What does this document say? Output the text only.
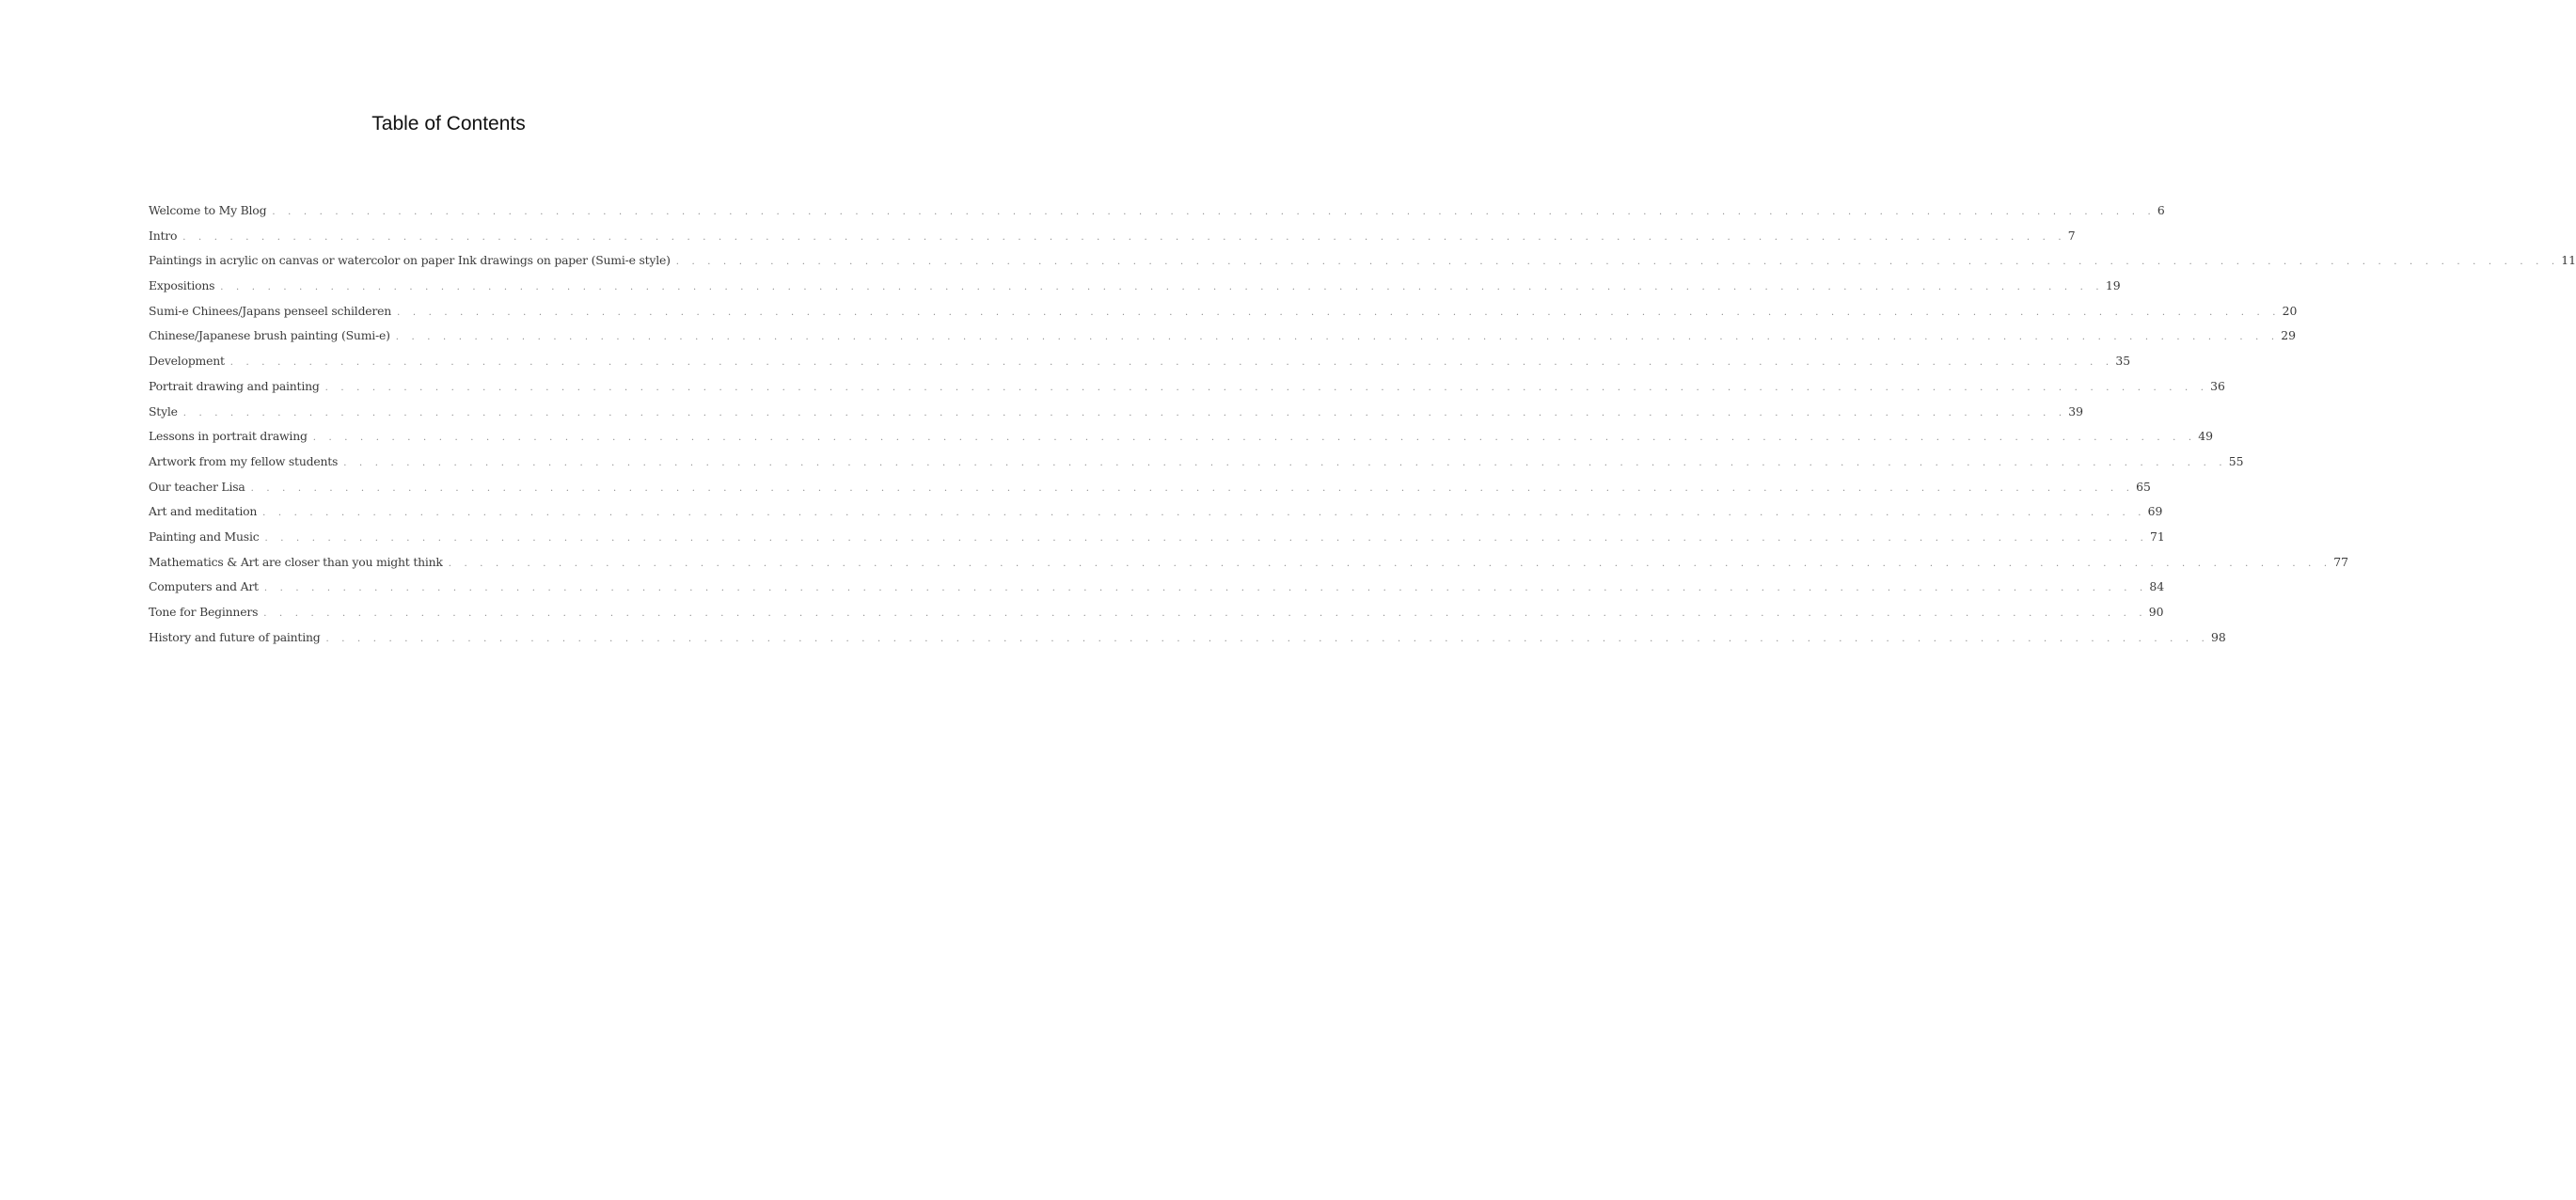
Table of Contents
Welcome to My Blog . . . . . . . . . . . . . . . . . . . . . . . . . . . . . . . . . . . . . . . . . . . . . . . . . . . . . . . . . . . . . . . . . . . . . . . . . . . . . . . . . . . . . . . . . . . . . . . . . . . . . . . . . . . . . . . . . . . . . . . . 6
Intro . . . . . . . . . . . . . . . . . . . . . . . . . . . . . . . . . . . . . . . . . . . . . . . . . . . . . . . . . . . . . . . . . . . . . . . . . . . . . . . . . . . . . . . . . . . . . . . . . . . . . . . . . . . . . . . . . . . . . . . . 7
Paintings in acrylic on canvas or watercolor on paper Ink drawings on paper (Sumi-e style) . . . . . . . . . . . . . . . . . . . . . . . . . . . . . . . . . . . . . . . . . . . . . . . . . . . . . . . . . . . . . . . . . . . . . . . . . . . . . . . . . . . . . . . . . . . . . . . . . . . . . . . . . . . . . . . . . . . . . . . . 11
Expositions . . . . . . . . . . . . . . . . . . . . . . . . . . . . . . . . . . . . . . . . . . . . . . . . . . . . . . . . . . . . . . . . . . . . . . . . . . . . . . . . . . . . . . . . . . . . . . . . . . . . . . . . . . . . . . . . . . . . . . . . 19
Sumi-e Chinees/Japans penseel schilderen . . . . . . . . . . . . . . . . . . . . . . . . . . . . . . . . . . . . . . . . . . . . . . . . . . . . . . . . . . . . . . . . . . . . . . . . . . . . . . . . . . . . . . . . . . . . . . . . . . . . . . . . . . . . . . . . . . . . . . . . 20
Chinese/Japanese brush painting (Sumi-e) . . . . . . . . . . . . . . . . . . . . . . . . . . . . . . . . . . . . . . . . . . . . . . . . . . . . . . . . . . . . . . . . . . . . . . . . . . . . . . . . . . . . . . . . . . . . . . . . . . . . . . . . . . . . . . . . . . . . . . . . 29
Development . . . . . . . . . . . . . . . . . . . . . . . . . . . . . . . . . . . . . . . . . . . . . . . . . . . . . . . . . . . . . . . . . . . . . . . . . . . . . . . . . . . . . . . . . . . . . . . . . . . . . . . . . . . . . . . . . . . . . . . . 35
Portrait drawing and painting . . . . . . . . . . . . . . . . . . . . . . . . . . . . . . . . . . . . . . . . . . . . . . . . . . . . . . . . . . . . . . . . . . . . . . . . . . . . . . . . . . . . . . . . . . . . . . . . . . . . . . . . . . . . . . . . . . . . . . . . 36
Style . . . . . . . . . . . . . . . . . . . . . . . . . . . . . . . . . . . . . . . . . . . . . . . . . . . . . . . . . . . . . . . . . . . . . . . . . . . . . . . . . . . . . . . . . . . . . . . . . . . . . . . . . . . . . . . . . . . . . . . . 39
Lessons in portrait drawing . . . . . . . . . . . . . . . . . . . . . . . . . . . . . . . . . . . . . . . . . . . . . . . . . . . . . . . . . . . . . . . . . . . . . . . . . . . . . . . . . . . . . . . . . . . . . . . . . . . . . . . . . . . . . . . . . . . . . . . . 49
Artwork from my fellow students . . . . . . . . . . . . . . . . . . . . . . . . . . . . . . . . . . . . . . . . . . . . . . . . . . . . . . . . . . . . . . . . . . . . . . . . . . . . . . . . . . . . . . . . . . . . . . . . . . . . . . . . . . . . . . . . . . . . . . . . 55
Our teacher Lisa . . . . . . . . . . . . . . . . . . . . . . . . . . . . . . . . . . . . . . . . . . . . . . . . . . . . . . . . . . . . . . . . . . . . . . . . . . . . . . . . . . . . . . . . . . . . . . . . . . . . . . . . . . . . . . . . . . . . . . . . 65
Art and meditation . . . . . . . . . . . . . . . . . . . . . . . . . . . . . . . . . . . . . . . . . . . . . . . . . . . . . . . . . . . . . . . . . . . . . . . . . . . . . . . . . . . . . . . . . . . . . . . . . . . . . . . . . . . . . . . . . . . . . . . . 69
Painting and Music . . . . . . . . . . . . . . . . . . . . . . . . . . . . . . . . . . . . . . . . . . . . . . . . . . . . . . . . . . . . . . . . . . . . . . . . . . . . . . . . . . . . . . . . . . . . . . . . . . . . . . . . . . . . . . . . . . . . . . . . 71
Mathematics & Art are closer than you might think . . . . . . . . . . . . . . . . . . . . . . . . . . . . . . . . . . . . . . . . . . . . . . . . . . . . . . . . . . . . . . . . . . . . . . . . . . . . . . . . . . . . . . . . . . . . . . . . . . . . . . . . . . . . . . . . . . . . . . . . 77
Computers and Art . . . . . . . . . . . . . . . . . . . . . . . . . . . . . . . . . . . . . . . . . . . . . . . . . . . . . . . . . . . . . . . . . . . . . . . . . . . . . . . . . . . . . . . . . . . . . . . . . . . . . . . . . . . . . . . . . . . . . . . . 84
Tone for Beginners . . . . . . . . . . . . . . . . . . . . . . . . . . . . . . . . . . . . . . . . . . . . . . . . . . . . . . . . . . . . . . . . . . . . . . . . . . . . . . . . . . . . . . . . . . . . . . . . . . . . . . . . . . . . . . . . . . . . . . . . 90
History and future of painting . . . . . . . . . . . . . . . . . . . . . . . . . . . . . . . . . . . . . . . . . . . . . . . . . . . . . . . . . . . . . . . . . . . . . . . . . . . . . . . . . . . . . . . . . . . . . . . . . . . . . . . . . . . . . . . . . . . . . . . . 98
